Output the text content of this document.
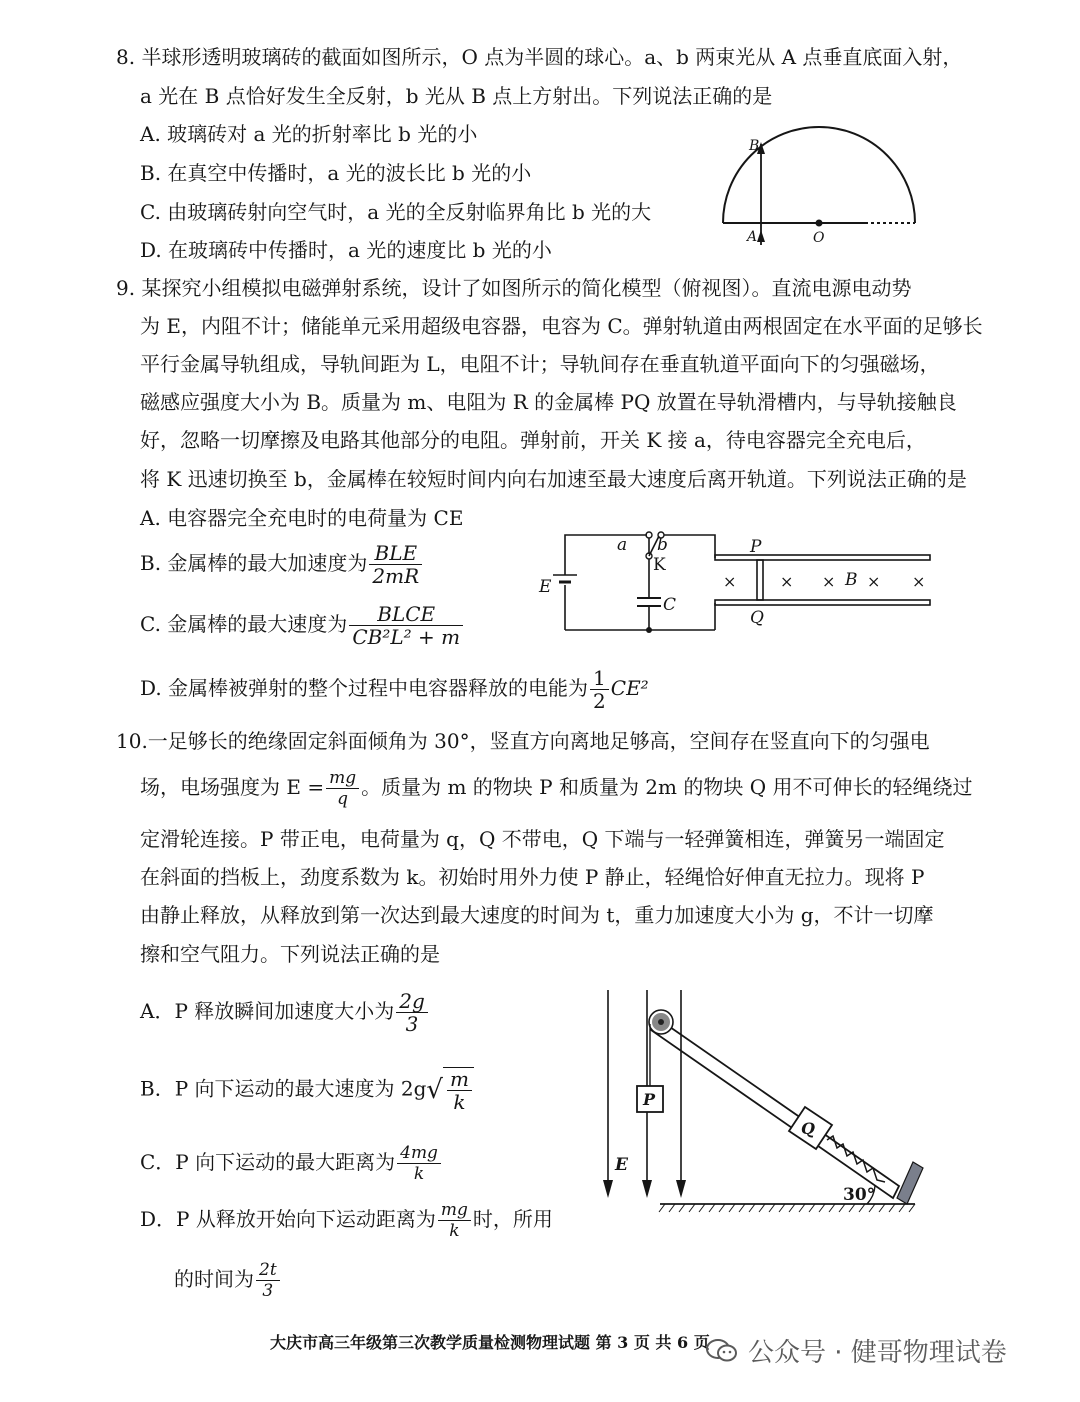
8. 半球形透明玻璃砖的截面如图所示，O 点为半圆的球心。a、b 两束光从 A 点垂直底面入射，
a 光在 B 点恰好发生全反射，b 光从 B 点上方射出。下列说法正确的是
A. 玻璃砖对 a 光的折射率比 b 光的小
B. 在真空中传播时，a 光的波长比 b 光的小
C. 由玻璃砖射向空气时，a 光的全反射临界角比 b 光的大
D. 在玻璃砖中传播时，a 光的速度比 b 光的小
B
A	O
9. 某探究小组模拟电磁弹射系统，设计了如图所示的简化模型（俯视图）。直流电源电动势
为 E，内阻不计；储能单元采用超级电容器，电容为 C。弹射轨道由两根固定在水平面的足够长
平行金属导轨组成，导轨间距为 L，电阻不计；导轨间存在垂直轨道平面向下的匀强磁场，
磁感应强度大小为 B。质量为 m、电阻为 R 的金属棒 PQ 放置在导轨滑槽内，与导轨接触良
好，忽略一切摩擦及电路其他部分的电阻。弹射前，开关 K 接 a，待电容器完全充电后，
将 K 迅速切换至 b，金属棒在较短时间内向右加速至最大速度后离开轨道。下列说法正确的是
A. 电容器完全充电时的电荷量为 CE
B. 金属棒的最大加速度为 $\frac{\text{BLE}}{2mR}$
C. 金属棒的最大速度为 $\frac{\text{BLCE}}{\text{CB²L² + m}}$
D. 金属棒被弹射的整个过程中电容器释放的电能为 $\frac{1}{2} CE^2$
P
Q
a b
K
E
C
×	× × B × ×
10.一足够长的绝缘固定斜面倾角为 30°，竖直方向离地足够高，空间存在竖直向下的匀强电
场，电场强度为 $E = \frac{mg}{q}$ 。质量为 m 的物块 P 和质量为 2m 的物块 Q 用不可伸长的轻绳绕过
定滑轮连接。P 带正电，电荷量为 q，Q 不带电，Q 下端与一轻弹簧相连，弹簧另一端固定
在斜面的挡板上，劲度系数为 k。初始时用外力使 P 静止，轻绳恰好伸直无拉力。现将 P
由静止释放，从释放到第一次达到最大速度的时间为 t，重力加速度大小为 g，不计一切摩
擦和空气阻力。下列说法正确的是
A．P 释放瞬间加速度大小为 $\frac{2g}{3}$
B．P 向下运动的最大速度为 $2g√ \frac{m}{k}$
C．P 向下运动的最大距离为 $\frac{4mg}{k}$
D．P 从释放开始向下运动距离为 $\frac{mg}{k}$ 时，所用
的时间为 $\frac{2t}{3}$
E
P
Q
30°
大庆市高三年级第三次教学质量检测物理试题 第 3 页 共 6 页 公众号 · 健哥物理试卷
